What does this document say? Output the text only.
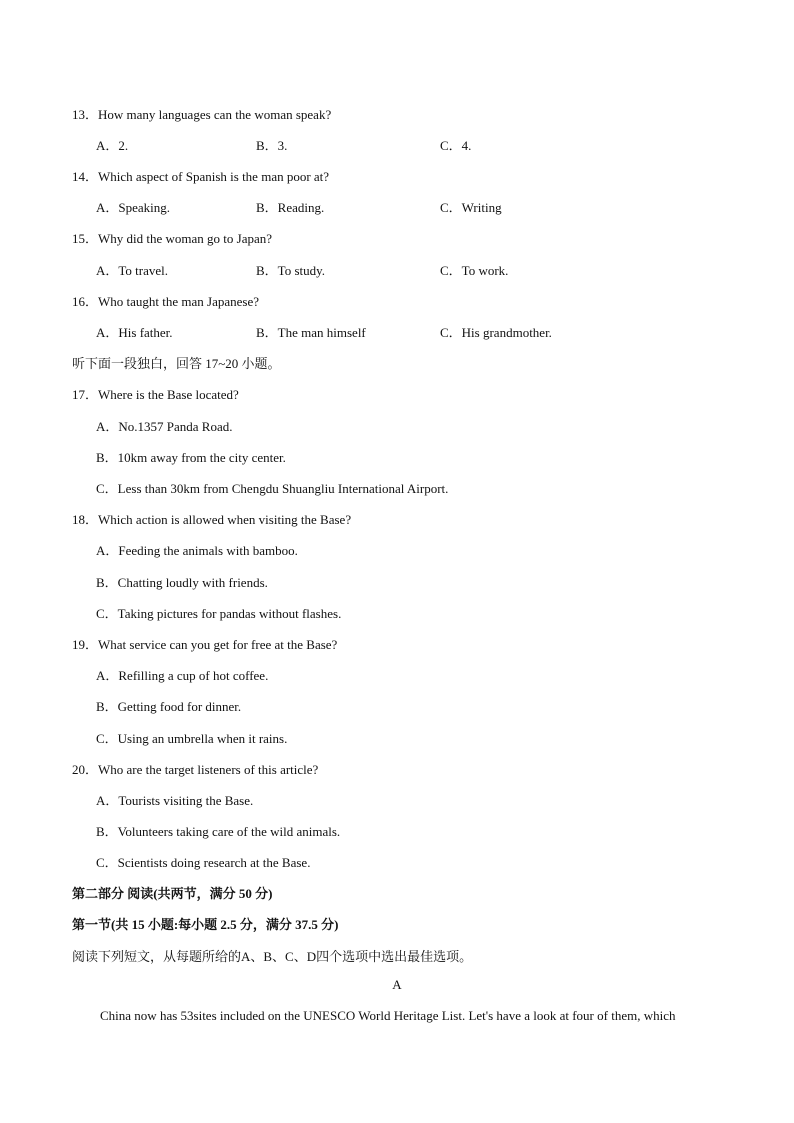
13．How many languages can the woman speak?
A．2.	B．3.	C．4.
14．Which aspect of Spanish is the man poor at?
A．Speaking.	B．Reading.	C．Writing
15．Why did the woman go to Japan?
A．To travel.	B．To study.	C．To work.
16．Who taught the man Japanese?
A．His father.	B．The man himself	C．His grandmother.
听下面一段独白，回答 17~20 小题。
17．Where is the Base located?
A．No.1357 Panda Road.
B．10km away from the city center.
C．Less than 30km from Chengdu Shuangliu International Airport.
18．Which action is allowed when visiting the Base?
A．Feeding the animals with bamboo.
B．Chatting loudly with friends.
C．Taking pictures for pandas without flashes.
19．What service can you get for free at the Base?
A．Refilling a cup of hot coffee.
B．Getting food for dinner.
C．Using an umbrella when it rains.
20．Who are the target listeners of this article?
A．Tourists visiting the Base.
B．Volunteers taking care of the wild animals.
C．Scientists doing research at the Base.
第二部分 阅读(共两节，满分 50 分)
第一节(共 15 小题:每小题 2.5 分，满分 37.5 分)
阅读下列短文，从每题所给的A、B、C、D四个选项中选出最佳选项。
A
China now has 53sites included on the UNESCO World Heritage List. Let's have a look at four of them, which
